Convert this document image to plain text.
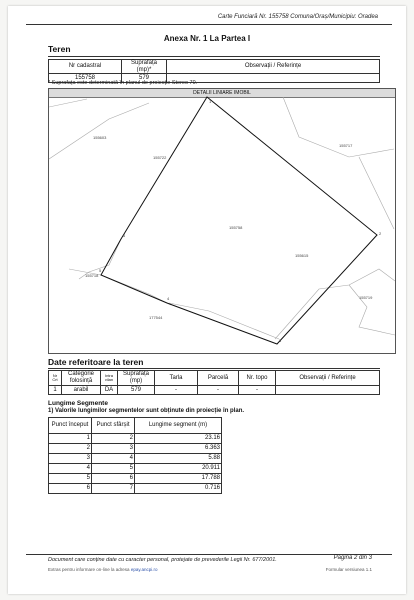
Carte Funciară Nr. 155758 Comuna/Oraș/Municipiu: Oradea
Anexa Nr. 1 La Partea I
Teren
Nr cadastral	Suprafața (mp)*	Observații / Referințe
155758	579	
* Suprafața este determinată în planul de proiecție Stereo 70.
DETALII LINIARE IMOBIL
155758
155603
155722
155717
155718
177544
155719
155615
1
2
3
4
5
6
Date referitoare la teren
Nr Crt	Categorie folosință	Intra vilan	Suprafața (mp)	Tarla	Parcelă	Nr. topo	Observații / Referințe
1	arabil	DA	579	-	-	-	
Lungime Segmente
1) Valorile lungimilor segmentelor sunt obținute din proiecție în plan.
Punct început	Punct sfârșit	Lungime segment (m)
1	2	23.16
2	3	6.363
3	4	5.88
4	5	20.911
5	6	17.788
6	7	0.716
Document care conține date cu caracter personal, protejate de prevederile Legii Nr. 677/2001.	Pagina 2 din 3
Extras pentru informare on-line la adresa epay.ancpi.ro	Formular versiunea 1.1
